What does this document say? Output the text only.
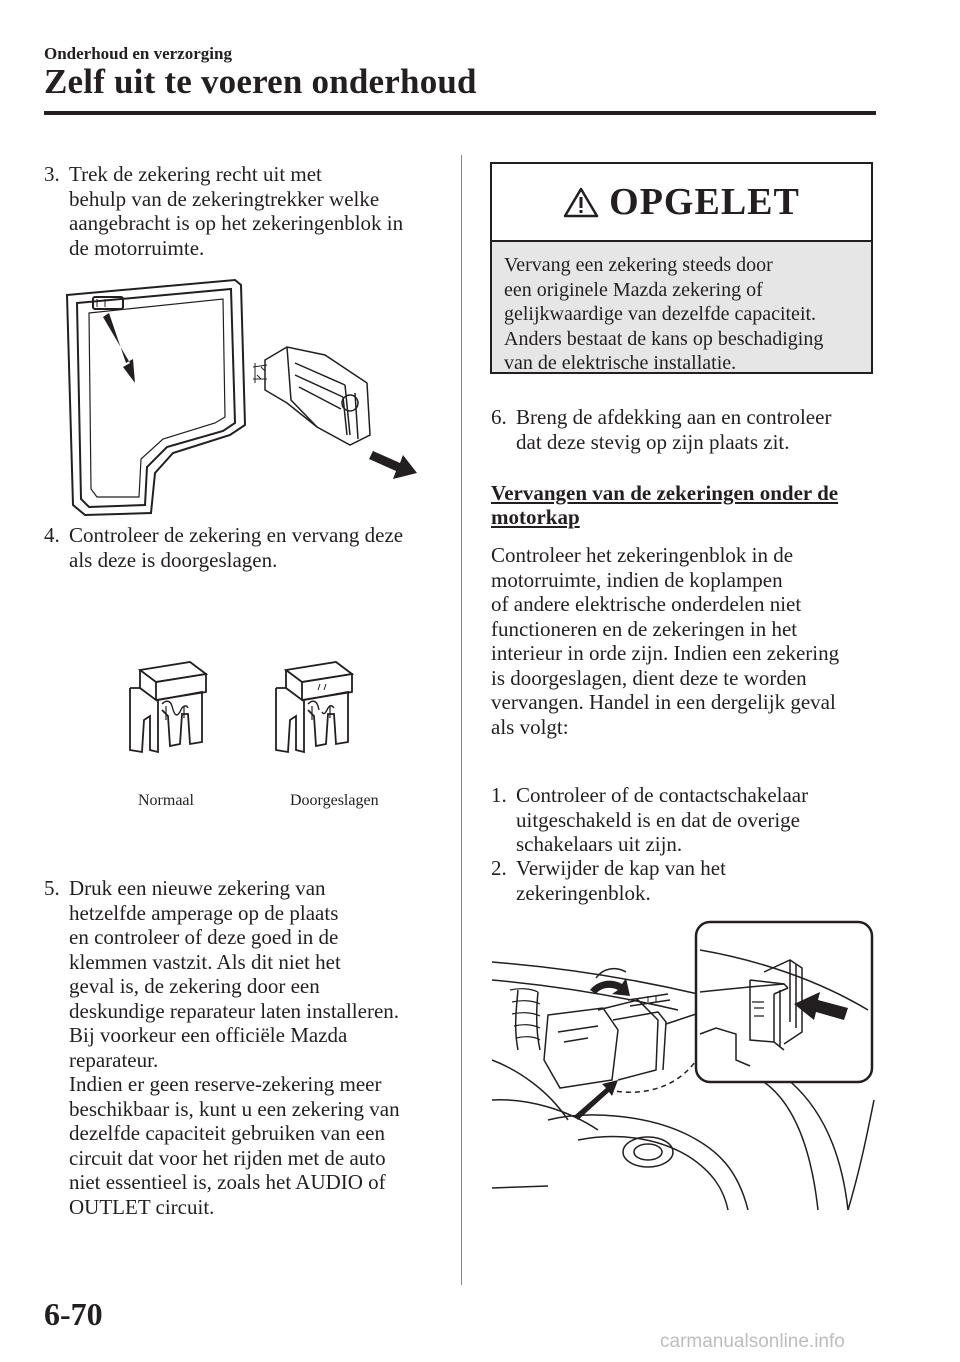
Onderhoud en verzorging
Zelf uit te voeren onderhoud
3. Trek de zekering recht uit met
behulp van de zekeringtrekker welke
aangebracht is op het zekeringenblok in
de motorruimte.
4. Controleer de zekering en vervang deze
als deze is doorgeslagen.
Normaal	Doorgeslagen
5. Druk een nieuwe zekering van
hetzelfde amperage op de plaats
en controleer of deze goed in de
klemmen vastzit. Als dit niet het
geval is, de zekering door een
deskundige reparateur laten installeren.
Bij voorkeur een officiële Mazda
reparateur.
Indien er geen reserve-zekering meer
beschikbaar is, kunt u een zekering van
dezelfde capaciteit gebruiken van een
circuit dat voor het rijden met de auto
niet essentieel is, zoals het AUDIO of
OUTLET circuit.
OPGELET
Vervang een zekering steeds door
een originele Mazda zekering of
gelijkwaardige van dezelfde capaciteit.
Anders bestaat de kans op beschadiging
van de elektrische installatie.
6. Breng de afdekking aan en controleer
dat deze stevig op zijn plaats zit.
Vervangen van de zekeringen onder de
motorkap
Controleer het zekeringenblok in de
motorruimte, indien de koplampen
of andere elektrische onderdelen niet
functioneren en de zekeringen in het
interieur in orde zijn. Indien een zekering
is doorgeslagen, dient deze te worden
vervangen. Handel in een dergelijk geval
als volgt:
1. Controleer of de contactschakelaar
uitgeschakeld is en dat de overige
schakelaars uit zijn.
2. Verwijder de kap van het
zekeringenblok.
6-70
carmanualsonline.info
